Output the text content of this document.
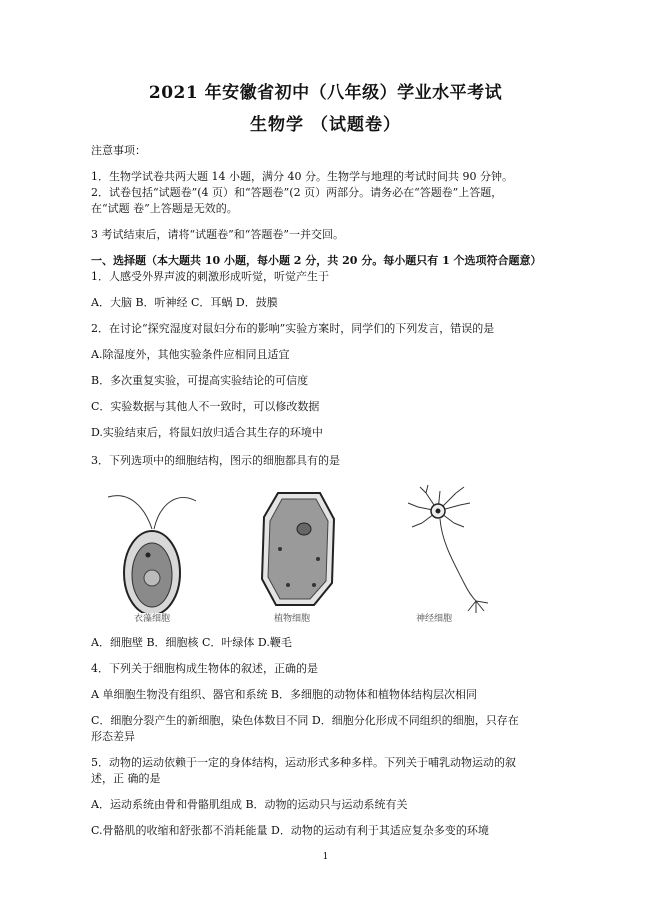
2021 年安徽省初中（八年级）学业水平考试
生物学 （试题卷）
注意事项：
1．生物学试卷共两大题 14 小题，满分 40 分。生物学与地理的考试时间共 90 分钟。
2．试卷包括“试题卷”(4 页）和“答题卷”(2 页）两部分。请务必在“答题卷”上答题，
在“试题 卷”上答题是无效的。
3 考试结束后，请将“试题卷”和“答题卷”一并交回。
一、选择题（本大题共 10 小题，每小题 2 分，共 20 分。每小题只有 1 个选项符合题意）
1．人感受外界声波的刺激形成听觉，听觉产生于
A．大脑 B．听神经 C．耳蜗 D．鼓膜
2．在讨论“探究湿度对鼠妇分布的影响”实验方案时，同学们的下列发言，错误的是
A.除湿度外，其他实验条件应相同且适宜
B．多次重复实验，可提高实验结论的可信度
C．实验数据与其他人不一致时，可以修改数据
D.实验结束后，将鼠妇放归适合其生存的环境中
3．下列选项中的细胞结构，图示的细胞都具有的是
衣藻细胞	植物细胞	神经细胞
A．细胞壁 B．细胞核 C．叶绿体 D.鞭毛
4．下列关于细胞构成生物体的叙述，正确的是
A 单细胞生物没有组织、器官和系统 B．多细胞的动物体和植物体结构层次相同
C．细胞分裂产生的新细胞，染色体数目不同 D．细胞分化形成不同组织的细胞，只存在
形态差异
5．动物的运动依赖于一定的身体结构，运动形式多种多样。下列关于哺乳动物运动的叙
述，正 确的是
A．运动系统由骨和骨骼肌组成 B．动物的运动只与运动系统有关
C.骨骼肌的收缩和舒张都不消耗能量 D．动物的运动有利于其适应复杂多变的环境
1
